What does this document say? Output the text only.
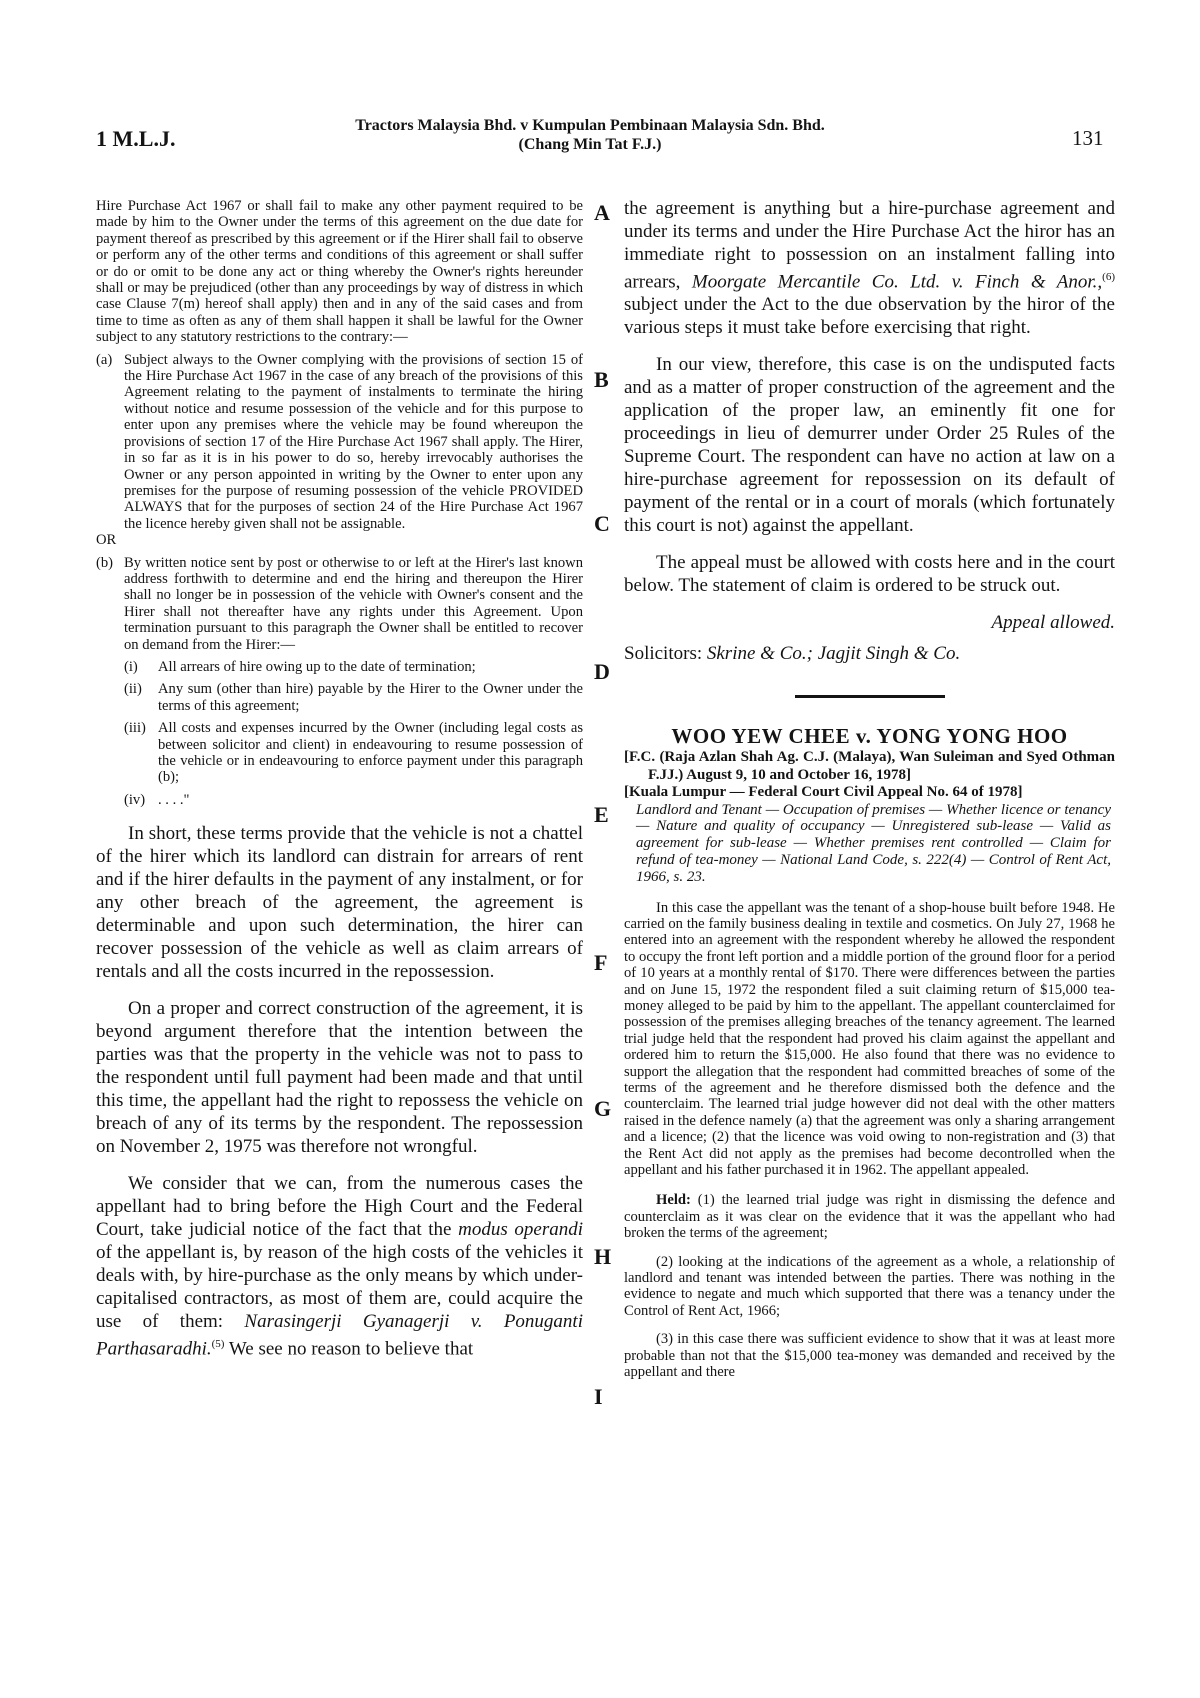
1 M.L.J.
Tractors Malaysia Bhd. v Kumpulan Pembinaan Malaysia Sdn. Bhd.
(Chang Min Tat F.J.)	131
A
B
C
D
E
F
G
H
I

Hire Purchase Act 1967 or shall fail to make any other payment required to be made by him to the Owner under the terms of this agreement on the due date for payment thereof as prescribed by this agreement or if the Hirer shall fail to observe or perform any of the other terms and conditions of this agreement or shall suffer or do or omit to be done any act or thing whereby the Owner's rights hereunder shall or may be prejudiced (other than any proceedings by way of distress in which case Clause 7(m) hereof shall apply) then and in any of the said cases and from time to time as often as any of them shall happen it shall be lawful for the Owner subject to any statutory restrictions to the contrary:—

(a) Subject always to the Owner complying with the provisions of section 15 of the Hire Purchase Act 1967 in the case of any breach of the provisions of this Agreement relating to the payment of instalments to terminate the hiring without notice and resume possession of the vehicle and for this purpose to enter upon any premises where the vehicle may be found whereupon the provisions of section 17 of the Hire Purchase Act 1967 shall apply. The Hirer, in so far as it is in his power to do so, hereby irrevocably authorises the Owner or any person appointed in writing by the Owner to enter upon any premises for the purpose of resuming possession of the vehicle PROVIDED ALWAYS that for the purposes of section 24 of the Hire Purchase Act 1967 the licence hereby given shall not be assignable.

OR

(b) By written notice sent by post or otherwise to or left at the Hirer's last known address forthwith to determine and end the hiring and thereupon the Hirer shall no longer be in possession of the vehicle with Owner's consent and the Hirer shall not thereafter have any rights under this Agreement. Upon termination pursuant to this paragraph the Owner shall be entitled to recover on demand from the Hirer:—
(i) All arrears of hire owing up to the date of termination;
(ii) Any sum (other than hire) payable by the Hirer to the Owner under the terms of this agreement;
(iii) All costs and expenses incurred by the Owner (including legal costs as between solicitor and client) in endeavouring to resume possession of the vehicle or in endeavouring to enforce payment under this paragraph (b);
(iv) . . . ."

In short, these terms provide that the vehicle is not a chattel of the hirer which its landlord can distrain for arrears of rent and if the hirer defaults in the payment of any instalment, or for any other breach of the agreement, the agreement is determinable and upon such determination, the hirer can recover possession of the vehicle as well as claim arrears of rentals and all the costs incurred in the repossession.

On a proper and correct construction of the agreement, it is beyond argument therefore that the intention between the parties was that the property in the vehicle was not to pass to the respondent until full payment had been made and that until this time, the appellant had the right to repossess the vehicle on breach of any of its terms by the respondent. The repossession on November 2, 1975 was therefore not wrongful.

We consider that we can, from the numerous cases the appellant had to bring before the High Court and the Federal Court, take judicial notice of the fact that the modus operandi of the appellant is, by reason of the high costs of the vehicles it deals with, by hire-purchase as the only means by which under-capitalised contractors, as most of them are, could acquire the use of them: Narasingerji Gyanagerji v. Ponuganti Parthasaradhi.$^{(5)}$ We see no reason to believe that

the agreement is anything but a hire-purchase agreement and under its terms and under the Hire Purchase Act the hiror has an immediate right to possession on an instalment falling into arrears, Moorgate Mercantile Co. Ltd. v. Finch & Anor.,$^{(6)}$ subject under the Act to the due observation by the hiror of the various steps it must take before exercising that right.

In our view, therefore, this case is on the undisputed facts and as a matter of proper construction of the agreement and the application of the proper law, an eminently fit one for proceedings in lieu of demurrer under Order 25 Rules of the Supreme Court. The respondent can have no action at law on a hire-purchase agreement for repossession on its default of payment of the rental or in a court of morals (which fortunately this court is not) against the appellant.

The appeal must be allowed with costs here and in the court below. The statement of claim is ordered to be struck out.

Appeal allowed.

Solicitors: Skrine & Co.; Jagjit Singh & Co.

WOO YEW CHEE v. YONG YONG HOO

[F.C. (Raja Azlan Shah Ag. C.J. (Malaya), Wan Suleiman and Syed Othman F.JJ.) August 9, 10 and October 16, 1978]

[Kuala Lumpur — Federal Court Civil Appeal No. 64 of 1978]

Landlord and Tenant — Occupation of premises — Whether licence or tenancy — Nature and quality of occupancy — Unregistered sub-lease — Valid as agreement for sub-lease — Whether premises rent controlled — Claim for refund of tea-money — National Land Code, s. 222(4) — Control of Rent Act, 1966, s. 23.

In this case the appellant was the tenant of a shop-house built before 1948. He carried on the family business dealing in textile and cosmetics. On July 27, 1968 he entered into an agreement with the respondent whereby he allowed the respondent to occupy the front left portion and a middle portion of the ground floor for a period of 10 years at a monthly rental of $170. There were differences between the parties and on June 15, 1972 the respondent filed a suit claiming return of $15,000 tea-money alleged to be paid by him to the appellant. The appellant counterclaimed for possession of the premises alleging breaches of the tenancy agreement. The learned trial judge held that the respondent had proved his claim against the appellant and ordered him to return the $15,000. He also found that there was no evidence to support the allegation that the respondent had committed breaches of some of the terms of the agreement and he therefore dismissed both the defence and the counterclaim. The learned trial judge however did not deal with the other matters raised in the defence namely (a) that the agreement was only a sharing arrangement and a licence; (2) that the licence was void owing to non-registration and (3) that the Rent Act did not apply as the premises had become decontrolled when the appellant and his father purchased it in 1962. The appellant appealed.

Held: (1) the learned trial judge was right in dismissing the defence and counterclaim as it was clear on the evidence that it was the appellant who had broken the terms of the agreement;

(2) looking at the indications of the agreement as a whole, a relationship of landlord and tenant was intended between the parties. There was nothing in the evidence to negate and much which supported that there was a tenancy under the Control of Rent Act, 1966;

(3) in this case there was sufficient evidence to show that it was at least more probable than not that the $15,000 tea-money was demanded and received by the appellant and there
